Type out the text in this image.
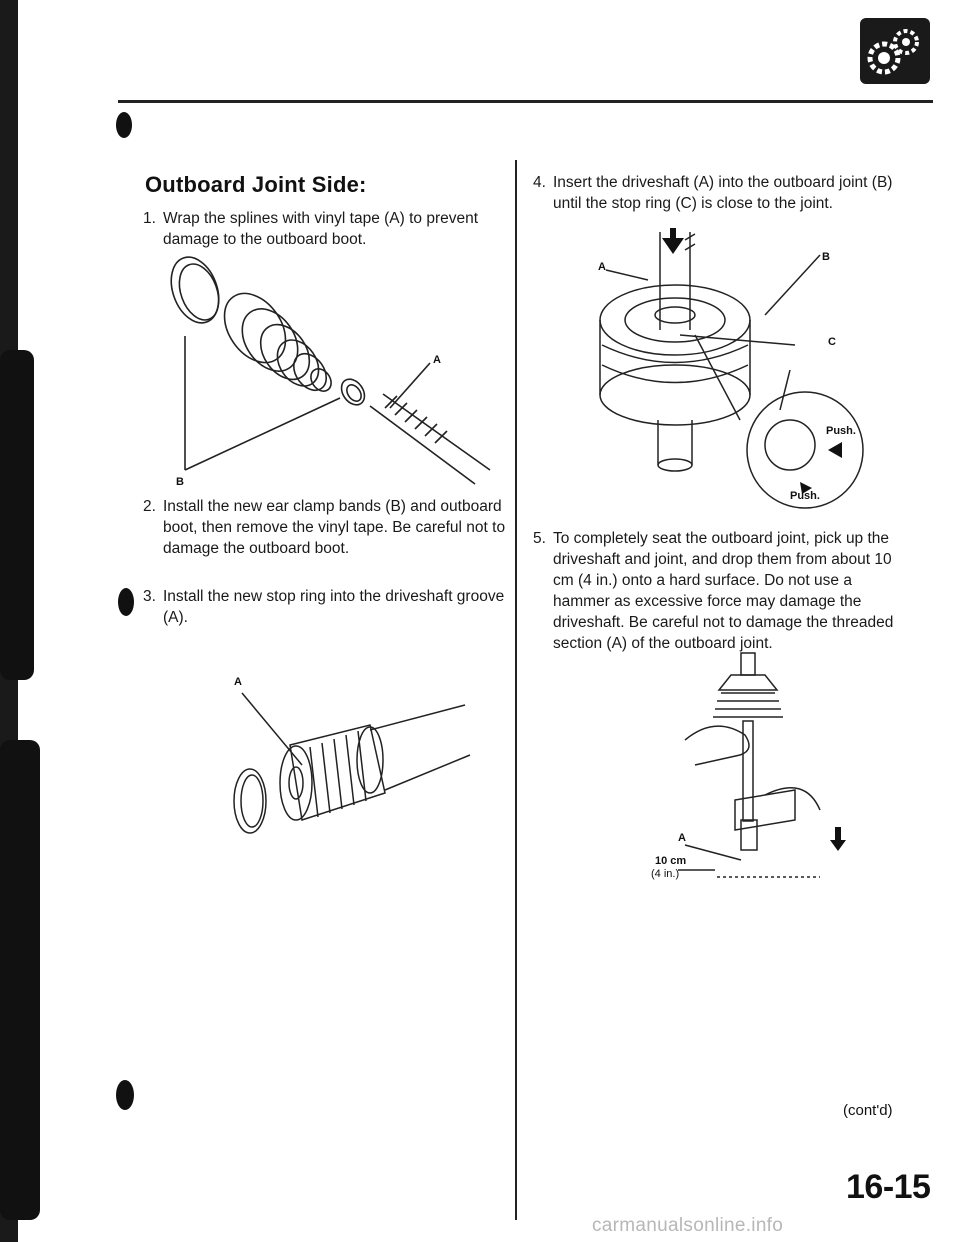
Outboard Joint Side:
1. Wrap the splines with vinyl tape (A) to prevent
damage to the outboard boot.
A
B
2. Install the new ear clamp bands (B) and outboard
boot, then remove the vinyl tape. Be careful not to
damage the outboard boot.
3. Install the new stop ring into the driveshaft groove
(A).
A
4. Insert the driveshaft (A) into the outboard joint (B)
until the stop ring (C) is close to the joint.
A
B
C
Push.
Push.
5. To completely seat the outboard joint, pick up the
driveshaft and joint, and drop them from about 10
cm (4 in.) onto a hard surface. Do not use a
hammer as excessive force may damage the
driveshaft. Be careful not to damage the threaded
section (A) of the outboard joint.
A
10 cm
(4 in.)
(cont'd)
16-15
carmanualsonline.info
